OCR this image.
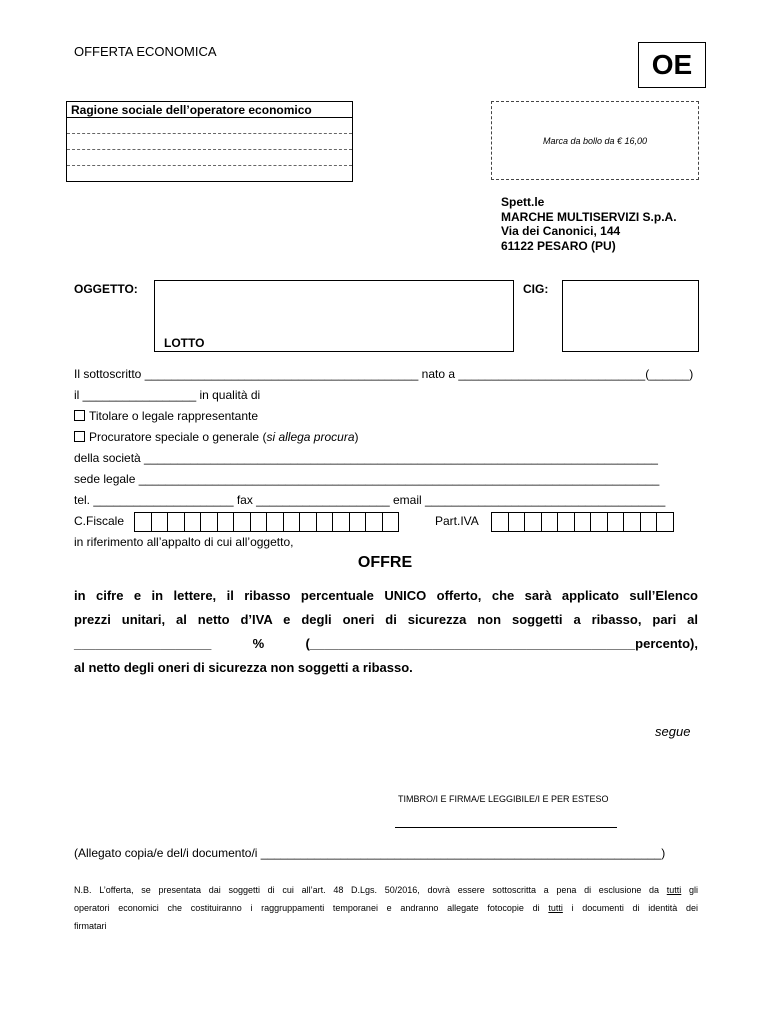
OFFERTA ECONOMICA	OE
Ragione sociale dell’operatore economico
Marca da bollo da € 16,00
Spett.le
MARCHE MULTISERVIZI S.p.A.
Via dei Canonici, 144
61122 PESARO (PU)
OGGETTO:
LOTTO
CIG:
Il sottoscritto _________________________________________ nato a ____________________________(______)
il _________________ in qualità di
Titolare o legale rappresentante
Procuratore speciale o generale (si allega procura)
della società _____________________________________________________________________________
sede legale ______________________________________________________________________________
tel. _____________________ fax ____________________ email ____________________________________
C.Fiscale	Part.IVA
in riferimento all’appalto di cui all’oggetto,
OFFRE
in cifre e in lettere, il ribasso percentuale UNICO offerto, che sarà applicato sull’Elenco
prezzi unitari, al netto d’IVA e degli oneri di sicurezza non soggetti a ribasso, pari al
___________________ % (_____________________________________________percento),
al netto degli oneri di sicurezza non soggetti a ribasso.
segue
TIMBRO/I E FIRMA/E LEGGIBILE/I E PER ESTESO
(Allegato copia/e del/i documento/i ____________________________________________________________)
N.B. L’offerta, se presentata dai soggetti di cui all’art. 48 D.Lgs. 50/2016, dovrà essere sottoscritta a pena di esclusione da tutti gli
operatori economici che costituiranno i raggruppamenti temporanei e andranno allegate fotocopie di tutti i documenti di identità dei
firmatari
